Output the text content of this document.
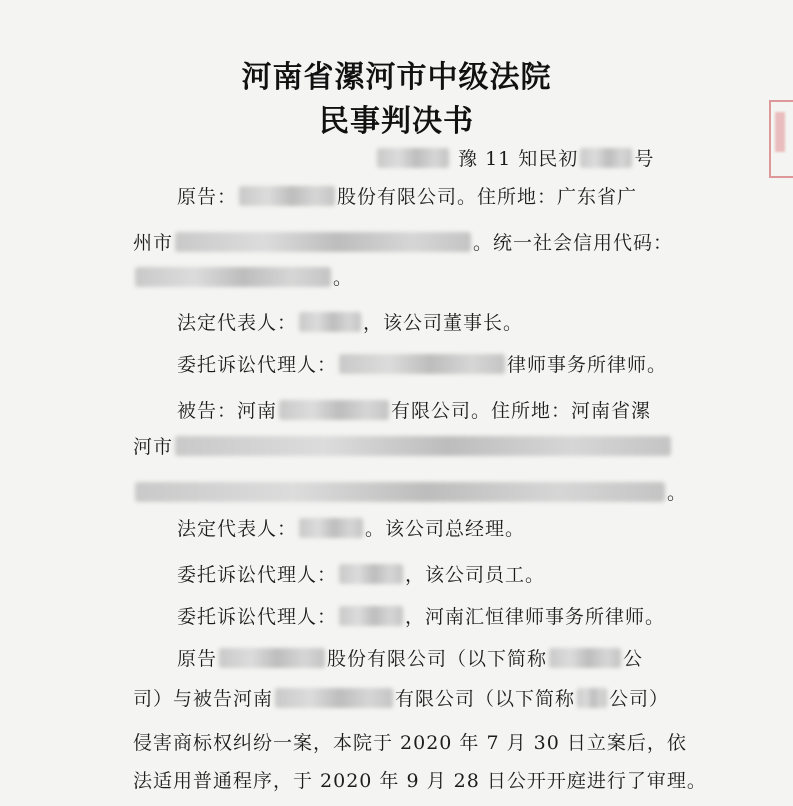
河南省漯河市中级法院
民事判决书
豫 11 知民初	号
原告：	股份有限公司。住所地：广东省广
州市	。统一社会信用代码：
。
法定代表人：	，该公司董事长。
委托诉讼代理人：	律师事务所律师。
被告：河南	有限公司。住所地：河南省漯
河市
。
法定代表人：	。该公司总经理。
委托诉讼代理人：	，该公司员工。
委托诉讼代理人：	，河南汇恒律师事务所律师。
原告	股份有限公司（以下简称	公
司）与被告河南	有限公司（以下简称 公司）
侵害商标权纠纷一案，本院于 2020 年 7 月 30 日立案后，依
法适用普通程序，于 2020 年 9 月 28 日公开开庭进行了审理。
